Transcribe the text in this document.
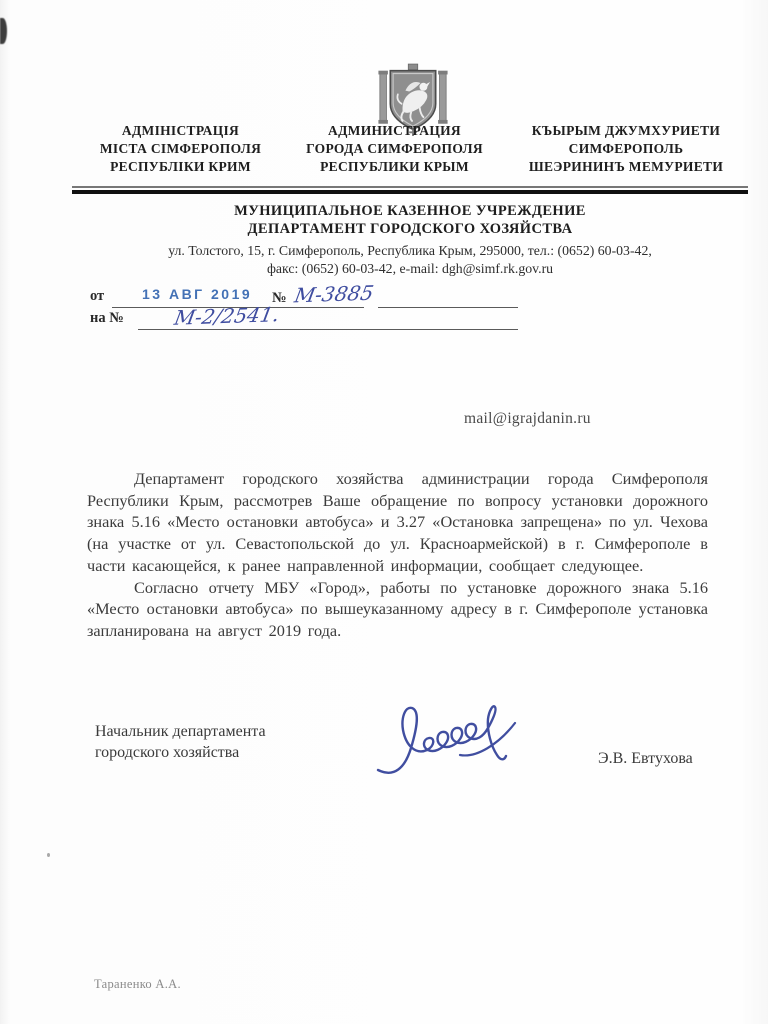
АДМІНІСТРАЦІЯ
МІСТА СІМФЕРОПОЛЯ
РЕСПУБЛІКИ КРИМ
АДМИНИСТРАЦИЯ
ГОРОДА СИМФЕРОПОЛЯ
РЕСПУБЛИКИ КРЫМ
КЪЫРЫМ ДЖУМХУРИЕТИ
СИМФЕРОПОЛЬ
ШЕЭРИНИНЪ МЕМУРИЕТИ
МУНИЦИПАЛЬНОЕ КАЗЕННОЕ УЧРЕЖДЕНИЕ
ДЕПАРТАМЕНТ ГОРОДСКОГО ХОЗЯЙСТВА
ул. Толстого, 15, г. Симферополь, Республика Крым, 295000, тел.: (0652) 60-03-42,
факс: (0652) 60-03-42, e-mail: dgh@simf.rk.gov.ru
от	13 АВГ 2019 № М-3885
на № М-2/2541.
mail@igrajdanin.ru

Департамент городского хозяйства администрации города Симферополя Республики Крым, рассмотрев Ваше обращение по вопросу установки дорожного знака 5.16 «Место остановки автобуса» и 3.27 «Остановка запрещена» по ул. Чехова (на участке от ул. Севастопольской до ул. Красноармейской) в г. Симферополе в части касающейся, к ранее направленной информации, сообщает следующее.

Согласно отчету МБУ «Город», работы по установке дорожного знака 5.16 «Место остановки автобуса» по вышеуказанному адресу в г. Симферополе установка запланирована на август 2019 года.

Начальник департамента
городского хозяйства	Э.В. Евтухова
Тараненко А.А.
